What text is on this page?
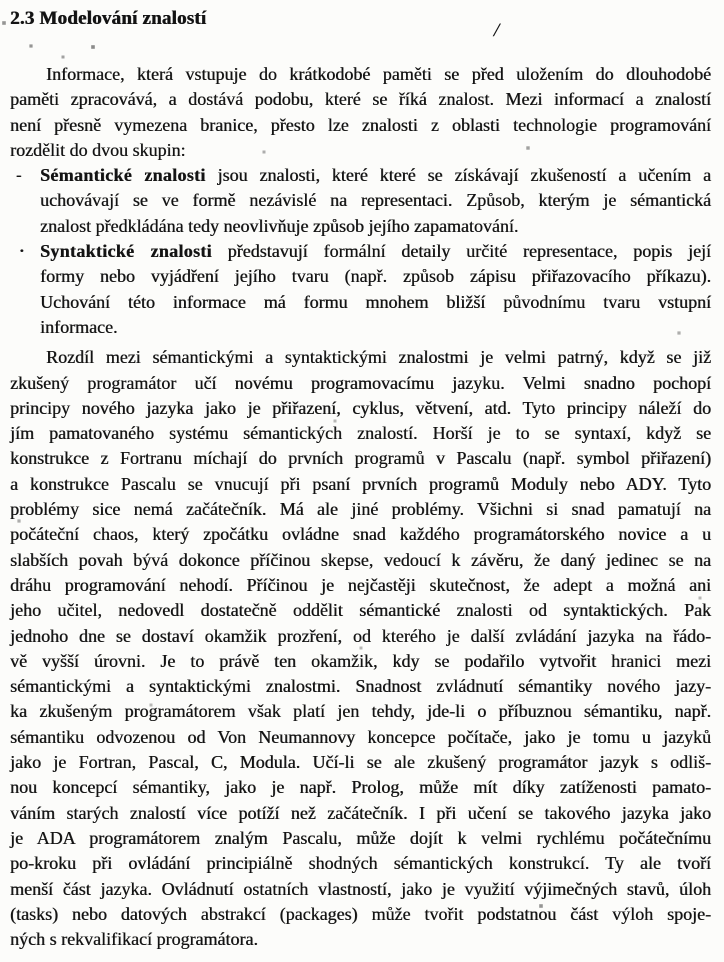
2.3 Modelování znalostí
/
Informace, která vstupuje do krátkodobé paměti se před uložením do dlouhodobé
paměti zpracovává, a dostává podobu, které se říká znalost. Mezi informací a znalostí
není přesně vymezena branice, přesto lze znalosti z oblasti technologie programování
rozdělit do dvou skupin:
- Sémantické znalosti jsou znalosti, které které se získávají zkušeností a učením a
uchovávají se ve formě nezávislé na representaci. Způsob, kterým je sémantická
znalost předkládána tedy neovlivňuje způsob jejího zapamatování.
· Syntaktické znalosti představují formální detaily určité representace, popis její
formy nebo vyjádření jejího tvaru (např. způsob zápisu přiřazovacího příkazu).
Uchování této informace má formu mnohem bližší původnímu tvaru vstupní
informace.
Rozdíl mezi sémantickými a syntaktickými znalostmi je velmi patrný, když se již
zkušený programátor učí novému programovacímu jazyku. Velmi snadno pochopí
principy nového jazyka jako je přiřazení, cyklus, větvení, atd. Tyto principy náleží do
jím pamatovaného systému sémantických znalostí. Horší je to se syntaxí, když se
konstrukce z Fortranu míchají do prvních programů v Pascalu (např. symbol přiřazení)
a konstrukce Pascalu se vnucují při psaní prvních programů Moduly nebo ADY. Tyto
problémy sice nemá začátečník. Má ale jiné problémy. Všichni si snad pamatují na
počáteční chaos, který zpočátku ovládne snad každého programátorského novice a u
slabších povah bývá dokonce příčinou skepse, vedoucí k závěru, že daný jedinec se na
dráhu programování nehodí. Příčinou je nejčastěji skutečnost, že adept a možná ani
jeho učitel, nedovedl dostatečně oddělit sémantické znalosti od syntaktických. Pak
jednoho dne se dostaví okamžik prozření, od kterého je další zvládání jazyka na řádo-
vě vyšší úrovni. Je to právě ten okamžik, kdy se podařilo vytvořit hranici mezi
sémantickými a syntaktickými znalostmi. Snadnost zvládnutí sémantiky nového jazy-
ka zkušeným programátorem však platí jen tehdy, jde-li o příbuznou sémantiku, např.
sémantiku odvozenou od Von Neumannovy koncepce počítače, jako je tomu u jazyků
jako je Fortran, Pascal, C, Modula. Učí-li se ale zkušený programátor jazyk s odliš-
nou koncepcí sémantiky, jako je např. Prolog, může mít díky zatíženosti pamato-
váním starých znalostí více potíží než začátečník. I při učení se takového jazyka jako
je ADA programátorem znalým Pascalu, může dojít k velmi rychlému počátečnímu
po-kroku při ovládání principiálně shodných sémantických konstrukcí. Ty ale tvoří
menší část jazyka. Ovládnutí ostatních vlastností, jako je využití výjimečných stavů, úloh
(tasks) nebo datových abstrakcí (packages) může tvořit podstatnou část výloh spoje-
ných s rekvalifikací programátora.
